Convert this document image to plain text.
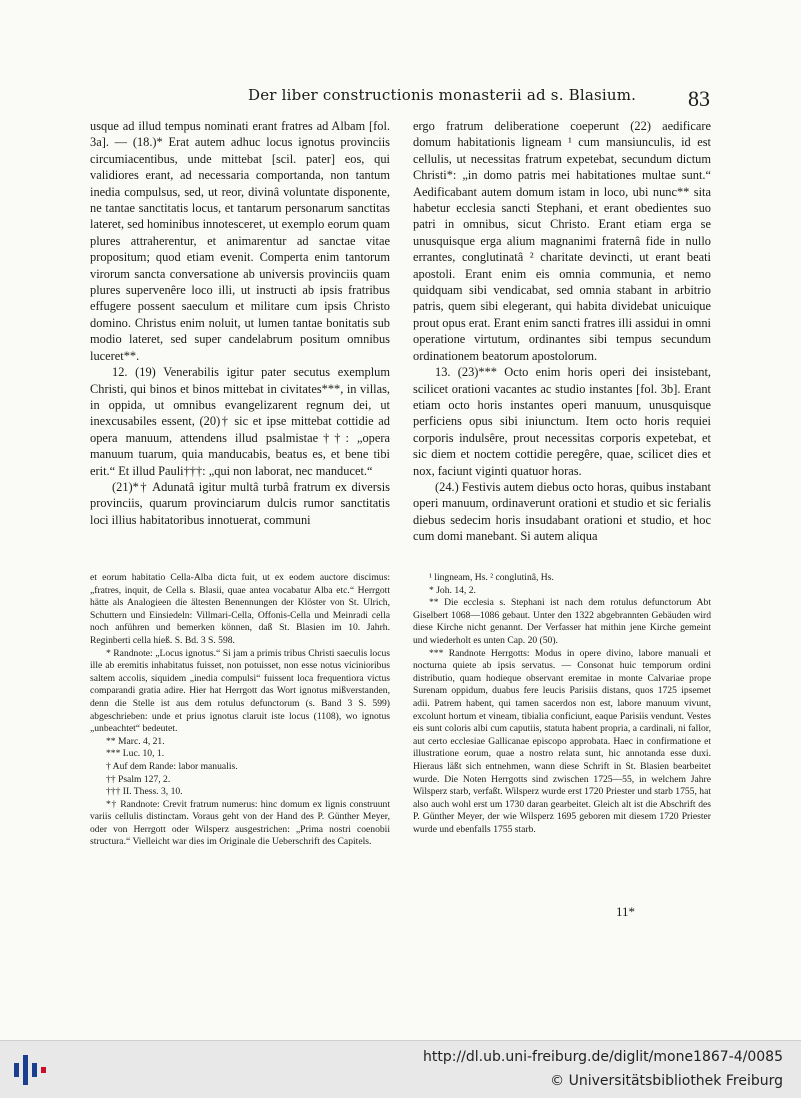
Der liber constructionis monasterii ad s. Blasium. 83

usque ad illud tempus nominati erant fratres ad Albam [fol. 3a]. — (18.)* Erat autem adhuc locus ignotus provinciis circumiacentibus, unde mittebat [scil. pater] eos, qui validiores erant, ad necessaria comportanda, non tantum inedia compulsus, sed, ut reor, divinâ voluntate disponente, ne tantae sanctitatis locus, et tantarum personarum sanctitas lateret, sed hominibus innotesceret, ut exemplo eorum quam plures attraherentur, et animarentur ad sanctae vitae propositum; quod etiam evenit. Comperta enim tantorum virorum sancta conversatione ab universis provinciis quam plures supervenêre loco illi, ut instructi ab ipsis fratribus effugere possent saeculum et militare cum ipsis Christo domino. Christus enim noluit, ut lumen tantae bonitatis sub modio lateret, sed super candelabrum positum omnibus luceret**.

12. (19) Venerabilis igitur pater secutus exemplum Christi, qui binos et binos mittebat in civitates***, in villas, in oppida, ut omnibus evangelizarent regnum dei, ut inexcusabiles essent, (20)† sic et ipse mittebat cottidie ad opera manuum, attendens illud psalmistae††: „opera manuum tuarum, quia manducabis, beatus es, et bene tibi erit.“ Et illud Pauli†††: „qui non laborat, nec manducet.“

(21)*† Adunatâ igitur multâ turbâ fratrum ex diversis provinciis, quarum provinciarum dulcis rumor sanctitatis loci illius habitatoribus innotuerat, communi

ergo fratrum deliberatione coeperunt (22) aedificare domum habitationis ligneam ¹ cum mansiunculis, id est cellulis, ut necessitas fratrum expetebat, secundum dictum Christi*: „in domo patris mei habitationes multae sunt.“ Aedificabant autem domum istam in loco, ubi nunc** sita habetur ecclesia sancti Stephani, et erant obedientes suo patri in omnibus, sicut Christo. Erant etiam erga se unusquisque erga alium magnanimi fraternâ fide in nullo errantes, conglutinatâ ² charitate devincti, ut erant beati apostoli. Erant enim eis omnia communia, et nemo quidquam sibi vendicabat, sed omnia stabant in arbitrio patris, quem sibi elegerant, qui habita dividebat unicuique prout opus erat. Erant enim sancti fratres illi assidui in omni operatione virtutum, ordinantes sibi tempus secundum ordinationem beatorum apostolorum.

13. (23)*** Octo enim horis operi dei insistebant, scilicet orationi vacantes ac studio instantes [fol. 3b]. Erant etiam octo horis instantes operi manuum, unusquisque perficiens opus sibi iniunctum. Item octo horis requiei corporis indulsêre, prout necessitas corporis expetebat, et sic diem et noctem cottidie peregêre, quae, scilicet dies et nox, faciunt viginti quatuor horas.

(24.) Festivis autem diebus octo horas, quibus instabant operi manuum, ordinaverunt orationi et studio et sic ferialis diebus sedecim horis insudabant orationi et studio, et hoc cum domi manebant. Si autem aliqua

et eorum habitatio Cella-Alba dicta fuit, ut ex eodem auctore discimus: „fratres, inquit, de Cella s. Blasii, quae antea vocabatur Alba etc.“ Herrgott hätte als Analogieen die ältesten Benennungen der Klöster von St. Ulrich, Schuttern und Einsiedeln: Villmari-Cella, Offonis-Cella und Meinradi cella noch anführen und bemerken können, daß St. Blasien im 10. Jahrh. Reginberti cella hieß. S. Bd. 3 S. 598.

* Randnote: „Locus ignotus.“ Si jam a primis tribus Christi saeculis locus ille ab eremitis inhabitatus fuisset, non potuisset, non esse notus vicinioribus saltem accolis, siquidem „inedia compulsi“ fuissent loca frequentiora victus comparandi gratia adire. Hier hat Herrgott das Wort ignotus mißverstanden, denn die Stelle ist aus dem rotulus defunctorum (s. Band 3 S. 599) abgeschrieben: unde et prius ignotus claruit iste locus (1108), wo ignotus „unbeachtet“ bedeutet.

** Marc. 4, 21.

*** Luc. 10, 1.

† Auf dem Rande: labor manualis.

†† Psalm 127, 2.

††† II. Thess. 3, 10.

*† Randnote: Crevit fratrum numerus: hinc domum ex lignis construunt variis cellulis distinctam. Voraus geht von der Hand des P. Günther Meyer, oder von Herrgott oder Wilsperz ausgestrichen: „Prima nostri coenobii structura.“ Vielleicht war dies im Originale die Ueberschrift des Capitels.

¹ lingneam, Hs. ² conglutinâ, Hs.

* Joh. 14, 2.

** Die ecclesia s. Stephani ist nach dem rotulus defunctorum Abt Giselbert 1068—1086 gebaut. Unter den 1322 abgebrannten Gebäuden wird diese Kirche nicht genannt. Der Verfasser hat mithin jene Kirche gemeint und wiederholt es unten Cap. 20 (50).

*** Randnote Herrgotts: Modus in opere divino, labore manuali et nocturna quiete ab ipsis servatus. — Consonat huic temporum ordini distributio, quam hodieque observant eremitae in monte Calvariae prope Surenam oppidum, duabus fere leucis Parisiis distans, quos 1725 ipsemet adii. Patrem habent, qui tamen sacerdos non est, labore manuum vivunt, excolunt hortum et vineam, tibialia conficiunt, eaque Parisiis vendunt. Vestes eis sunt coloris albi cum caputiis, statuta habent propria, a cardinali, ni fallor, aut certo ecclesiae Gallicanae episcopo approbata. Haec in confirmatione et illustratione eorum, quae a nostro relata sunt, hic annotanda esse duxi. Hieraus läßt sich entnehmen, wann diese Schrift in St. Blasien bearbeitet wurde. Die Noten Herrgotts sind zwischen 1725—55, in welchem Jahre Wilsperz starb, verfaßt. Wilsperz wurde erst 1720 Priester und starb 1755, hat also auch wohl erst um 1730 daran gearbeitet. Gleich alt ist die Abschrift des P. Günther Meyer, der wie Wilsperz 1695 geboren mit diesem 1720 Priester wurde und ebenfalls 1755 starb.

11*
http://dl.ub.uni-freiburg.de/diglit/mone1867-4/0085
© Universitätsbibliothek Freiburg
